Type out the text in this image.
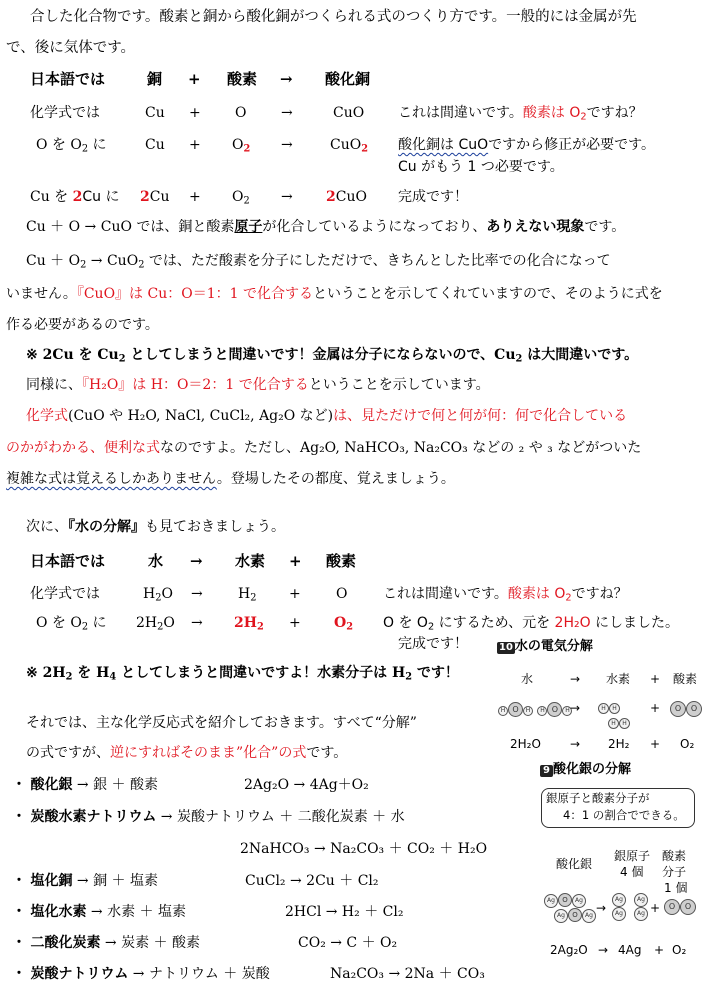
合した化合物です。酸素と銅から酸化銅がつくられる式のつくり方です。一般的には金属が先
で、後に気体です。
日本語では	銅 + 酸素 → 酸化銅
化学式では	Cu + O →	CuO これは間違いです。酸素は $O_2$ですね？
O を $O_2$ に	$Cu + O_2$ →	CuO$_2$ 酸化銅は CuOですから修正が必要です。
Cu がもう 1 つ必要です。
Cu を 2Cu に $2Cu + O_2 \to 2CuO$ 完成です！
Cu ＋ O → CuO では、銅と酸素原子が化合しているようになっており、ありえない現象です。
$Cu + O_2 \to CuO_2$ では、ただ酸素を分子にしただけで、きちんとした比率での化合になって
いません。『CuO』は Cu：O＝1：1 で化合するということを示してくれていますので、そのように式を
作る必要があるのです。
※ 2Cu を $Cu_2$ としてしまうと間違いです！金属は分子にならないので、$Cu_2$ は大間違いです。
同様に、『H₂O』は H：O＝2：1 で化合するということを示しています。
化学式(CuO や H₂O, NaCl, CuCl₂, Ag₂O など)は、見ただけで何と何が何：何で化合している
のかがわかる、便利な式なのですよ。ただし、Ag₂O, NaHCO₃, Na₂CO₃ などの ₂ や ₃ などがついた
複雑な式は覚えるしかありません。登場したその都度、覚えましょう。
次に、『水の分解』も見ておきましょう。
日本語では	水 → 水素 + 酸素
化学式では	$H_2O$ →	$H_2$ +	O	これは間違いです。酸素は $O_2$ですね？
O を $O_2$ に $2H_2O \to 2H_2 + O_2$ O を $O_2$ にするため、元を 2H₂O にしました。
完成です！
※ $2H_2$ を $H_4$ としてしまうと間違いですよ！水素分子は $H_2$ です！
それでは、主な化学反応式を紹介しておきます。すべて“分解”
の式ですが、逆にすればそのまま”化合”の式です。
・ 酸化銀 → 銀 ＋ 酸素	2Ag₂O → 4Ag＋O₂
・ 炭酸水素ナトリウム → 炭酸ナトリウム ＋ 二酸化炭素 ＋ 水
2NaHCO₃ → Na₂CO₃ ＋ CO₂ ＋ H₂O
・ 塩化銅 → 銅 ＋ 塩素	CuCl₂ → 2Cu ＋ Cl₂
・ 塩化水素 → 水素 ＋ 塩素	2HCl → H₂ ＋ Cl₂
・ 二酸化炭素 → 炭素 ＋ 酸素	CO₂ → C ＋ O₂
・ 炭酸ナトリウム → ナトリウム ＋ 炭酸	Na₂CO₃ → 2Na ＋ CO₃
10 水の電気分解
水	→ 水素 + 酸素
H O H H O H →	H H
H H
+	O O
2H₂O → 2H₂ + O₂
9 酸化銀の分解
銀原子と酸素分子が
4：1 の割合でできる。
酸化銀
銀原子
4 個
酸素
分子
1 個
Ag O Ag
Ag O Ag
→
Ag Ag
Ag Ag +	O O
2Ag₂O → 4Ag + O₂
